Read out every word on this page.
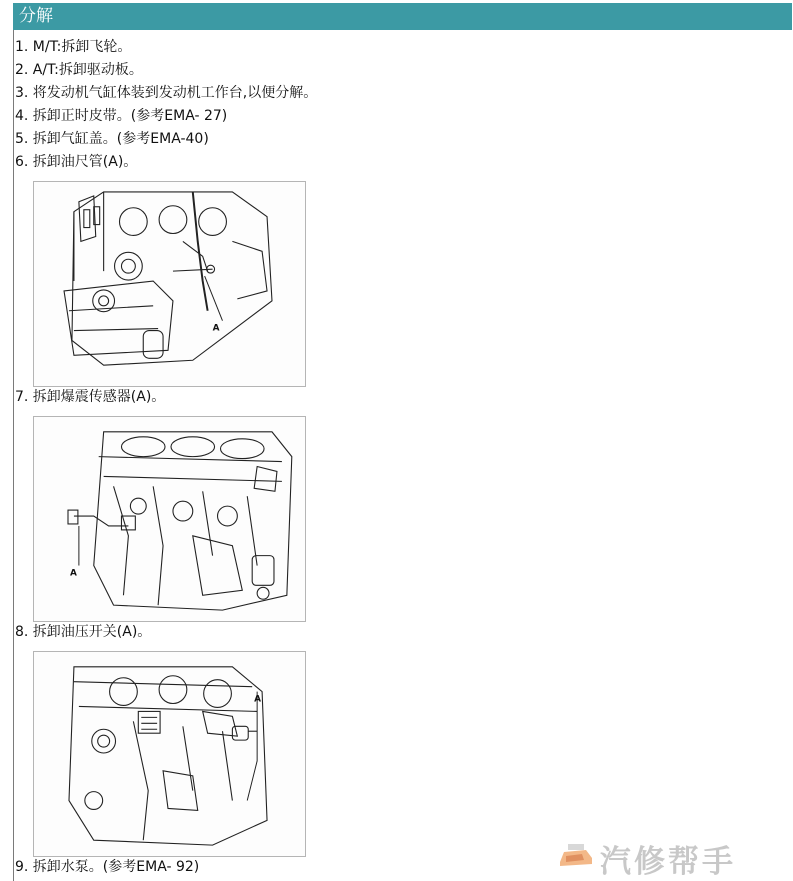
分解
1. M/T:拆卸飞轮。
2. A/T:拆卸驱动板。
3. 将发动机气缸体装到发动机工作台,以便分解。
4. 拆卸正时皮带。(参考EMA- 27)
5. 拆卸气缸盖。(参考EMA-40)
6. 拆卸油尺管(A)。
A
7. 拆卸爆震传感器(A)。
A
8. 拆卸油压开关(A)。
A
9. 拆卸水泵。(参考EMA- 92)	汽修帮手
